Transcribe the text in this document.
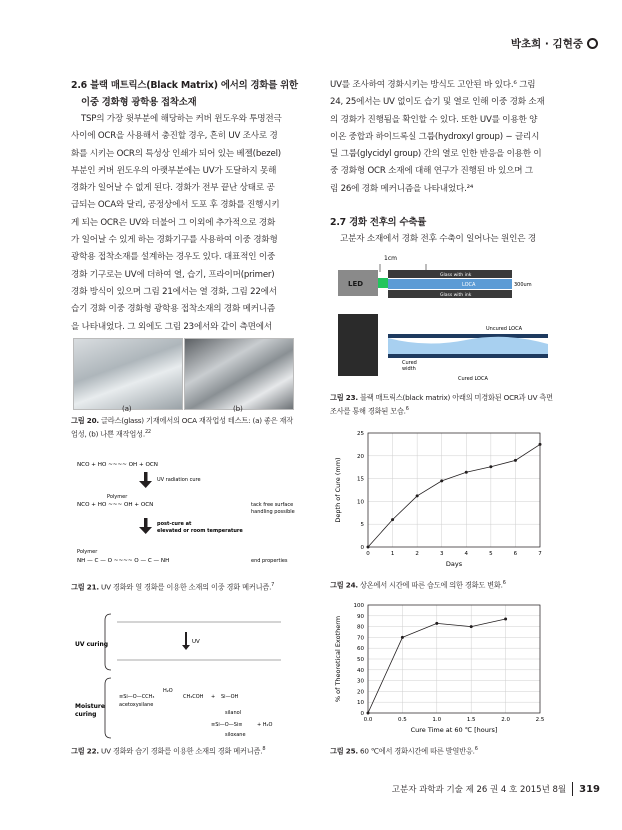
박초희 · 김현중
2.6 블랙 매트릭스(Black Matrix) 에서의 경화를 위한
이중 경화형 광학용 접착소재
TSP의 가장 윗부분에 해당하는 커버 윈도우와 투명전극
사이에 OCR을 사용해서 충진할 경우, 흔히 UV 조사로 경
화를 시키는 OCR의 특성상 인쇄가 되어 있는 베젤(bezel)
부분인 커버 윈도우의 아랫부분에는 UV가 도달하지 못해
경화가 일어날 수 없게 된다. 경화가 전부 끝난 상태로 공
급되는 OCA와 달리, 공정상에서 도포 후 경화를 진행시키
게 되는 OCR은 UV와 더불어 그 이외에 추가적으로 경화
가 일어날 수 있게 하는 경화기구를 사용하여 이중 경화형
광학용 접착소재를 설계하는 경우도 있다. 대표적인 이중
경화 기구로는 UV에 더하여 열, 습기, 프라이머(primer)
경화 방식이 있으며 그림 21에서는 열 경화, 그림 22에서
습기 경화 이중 경화형 광학용 접착소재의 경화 메커니즘
을 나타내었다. 그 외에도 그림 23에서와 같이 측면에서
UV를 조사하여 경화시키는 방식도 고안된 바 있다.⁶ 그림
24, 25에서는 UV 없이도 습기 및 열로 인해 이중 경화 소재
의 경화가 진행됨을 확인할 수 있다. 또한 UV를 이용한 양
이온 중합과 하이드록실 그룹(hydroxyl group) − 글리시
딜 그룹(glycidyl group) 간의 열로 인한 반응을 이용한 이
중 경화형 OCR 소재에 대해 연구가 진행된 바 있으며 그
림 26에 경화 메커니즘을 나타내었다.²⁴
2.7 경화 전후의 수축률
고분자 소재에서 경화 전후 수축이 일어나는 원인은 경
(a)	(b)
그림 20. 글라스(glass) 기재에서의 OCA 재작업성 테스트: (a) 좋은 재작
업성, (b) 나쁜 재작업성.$^{22}$
NCO + HO ~~~~ OH + OCN
UV radiation cure
Polymer
NCO + HO ~~~ OH + OCN	tack free surface
handling possible
post-cure at
elevated or room temperature
Polymer
NH — C — O ~~~~ O — C — NH	end properties
그림 21. UV 경화와 열 경화를 이용한 소재의 이중 경화 메커니즘.$^7$
UV curing	UV
Moisture
curing
≡Si—O—CCH₃
acetoxysilane
H₂O
CH₃COH + Si—OH
silanol
≡Si—O—Si≡	+ H₂O
siloxane
그림 22. UV 경화와 습기 경화를 이용한 소재의 경화 메커니즘.$^8$
1cm
LED
Glass with ink
LOCA
Glass with ink
300um
Cured
width
Uncured LOCA
Cured LOCA
그림 23. 블랙 매트릭스(black matrix) 아래의 미경화된 OCR과 UV 측면
조사를 통해 경화된 모습.$^6$
0
5
10
15
20
25
0	1	2	3	4	5	6	7
Days
Depth of Cure (mm)
그림 24. 상온에서 시간에 따른 습도에 의한 경화도 변화.$^6$
0
10
20
30
40
50
60
70
80
90
100
0.0	0.5	1.0	1.5	2.0	2.5
Cure Time at 60 ℃ [hours]
% of Theoretical Exotherm
그림 25. 60 ℃에서 경화시간에 따른 발열반응.$^6$
고분자 과학과 기술 제 26 권 4 호 2015년 8월 319
